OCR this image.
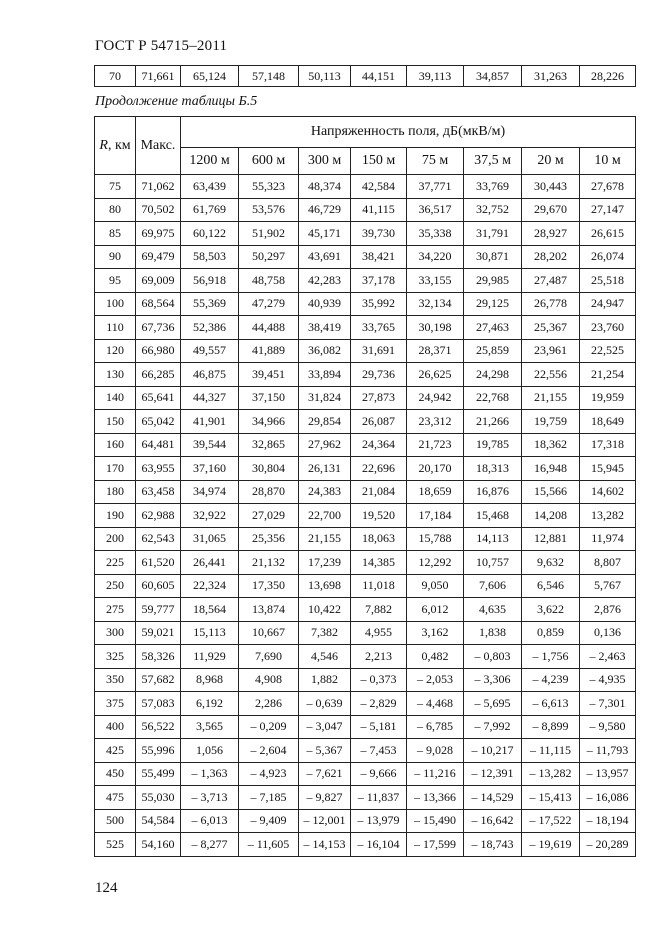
ГОСТ Р 54715–2011
70	71,661	65,124	57,148	50,113	44,151	39,113	34,857	31,263	28,226
Продолжение таблицы Б.5
R, км	Макс.	Напряженность поля, дБ(мкВ/м)							
		1200 м	600 м	300 м	150 м	75 м	37,5 м	20 м	10 м
75	71,062	63,439	55,323	48,374	42,584	37,771	33,769	30,443	27,678
80	70,502	61,769	53,576	46,729	41,115	36,517	32,752	29,670	27,147
85	69,975	60,122	51,902	45,171	39,730	35,338	31,791	28,927	26,615
90	69,479	58,503	50,297	43,691	38,421	34,220	30,871	28,202	26,074
95	69,009	56,918	48,758	42,283	37,178	33,155	29,985	27,487	25,518
100	68,564	55,369	47,279	40,939	35,992	32,134	29,125	26,778	24,947
110	67,736	52,386	44,488	38,419	33,765	30,198	27,463	25,367	23,760
120	66,980	49,557	41,889	36,082	31,691	28,371	25,859	23,961	22,525
130	66,285	46,875	39,451	33,894	29,736	26,625	24,298	22,556	21,254
140	65,641	44,327	37,150	31,824	27,873	24,942	22,768	21,155	19,959
150	65,042	41,901	34,966	29,854	26,087	23,312	21,266	19,759	18,649
160	64,481	39,544	32,865	27,962	24,364	21,723	19,785	18,362	17,318
170	63,955	37,160	30,804	26,131	22,696	20,170	18,313	16,948	15,945
180	63,458	34,974	28,870	24,383	21,084	18,659	16,876	15,566	14,602
190	62,988	32,922	27,029	22,700	19,520	17,184	15,468	14,208	13,282
200	62,543	31,065	25,356	21,155	18,063	15,788	14,113	12,881	11,974
225	61,520	26,441	21,132	17,239	14,385	12,292	10,757	9,632	8,807
250	60,605	22,324	17,350	13,698	11,018	9,050	7,606	6,546	5,767
275	59,777	18,564	13,874	10,422	7,882	6,012	4,635	3,622	2,876
300	59,021	15,113	10,667	7,382	4,955	3,162	1,838	0,859	0,136
325	58,326	11,929	7,690	4,546	2,213	0,482	– 0,803	– 1,756	– 2,463
350	57,682	8,968	4,908	1,882	– 0,373	– 2,053	– 3,306	– 4,239	– 4,935
375	57,083	6,192	2,286	– 0,639	– 2,829	– 4,468	– 5,695	– 6,613	– 7,301
400	56,522	3,565	– 0,209	– 3,047	– 5,181	– 6,785	– 7,992	– 8,899	– 9,580
425	55,996	1,056	– 2,604	– 5,367	– 7,453	– 9,028	– 10,217	– 11,115	– 11,793
450	55,499	– 1,363	– 4,923	– 7,621	– 9,666	– 11,216	– 12,391	– 13,282	– 13,957
475	55,030	– 3,713	– 7,185	– 9,827	– 11,837	– 13,366	– 14,529	– 15,413	– 16,086
500	54,584	– 6,013	– 9,409	– 12,001	– 13,979	– 15,490	– 16,642	– 17,522	– 18,194
525	54,160	– 8,277	– 11,605	– 14,153	– 16,104	– 17,599	– 18,743	– 19,619	– 20,289
124
